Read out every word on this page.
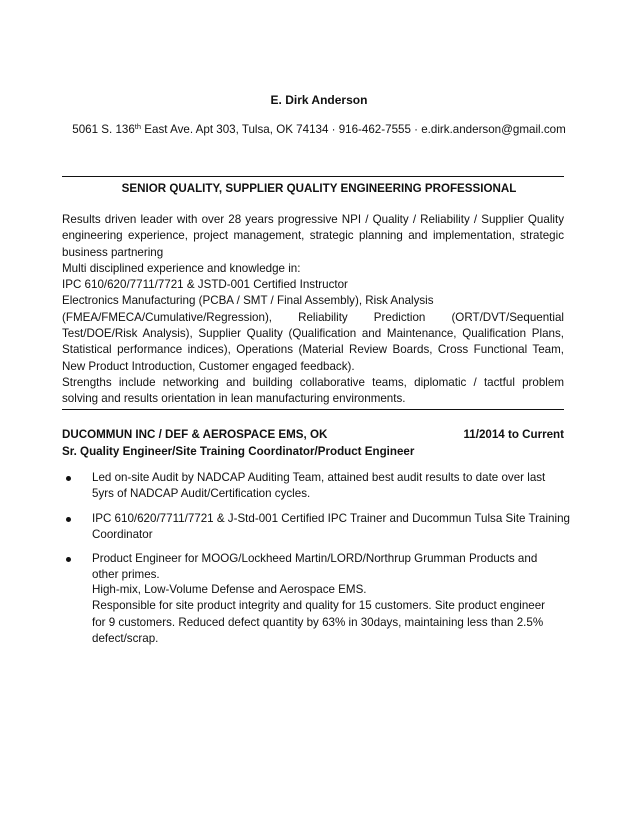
E. Dirk Anderson
5061 S. 136th East Ave. Apt 303, Tulsa, OK 74134 · 916-462-7555 · e.dirk.anderson@gmail.com
SENIOR QUALITY, SUPPLIER QUALITY ENGINEERING PROFESSIONAL
Results driven leader with over 28 years progressive NPI / Quality / Reliability / Supplier Quality
engineering experience, project management, strategic planning and implementation, strategic
business partnering
Multi disciplined experience and knowledge in:
IPC 610/620/7711/7721 & JSTD-001 Certified Instructor
Electronics Manufacturing (PCBA / SMT / Final Assembly), Risk Analysis
(FMEA/FMECA/Cumulative/Regression), Reliability Prediction (ORT/DVT/Sequential
Test/DOE/Risk Analysis), Supplier Quality (Qualification and Maintenance, Qualification Plans,
Statistical performance indices), Operations (Material Review Boards, Cross Functional Team,
New Product Introduction, Customer engaged feedback).
Strengths include networking and building collaborative teams, diplomatic / tactful problem
solving and results orientation in lean manufacturing environments.
DUCOMMUN INC / DEF & AEROSPACE EMS, OK	11/2014 to Current
Sr. Quality Engineer/Site Training Coordinator/Product Engineer
Led on-site Audit by NADCAP Auditing Team, attained best audit results to date over last
5yrs of NADCAP Audit/Certification cycles.
IPC 610/620/7711/7721 & J-Std-001 Certified IPC Trainer and Ducommun Tulsa Site Training
Coordinator
Product Engineer for MOOG/Lockheed Martin/LORD/Northrup Grumman Products and
other primes.
High-mix, Low-Volume Defense and Aerospace EMS.
Responsible for site product integrity and quality for 15 customers. Site product engineer
for 9 customers. Reduced defect quantity by 63% in 30days, maintaining less than 2.5%
defect/scrap.
